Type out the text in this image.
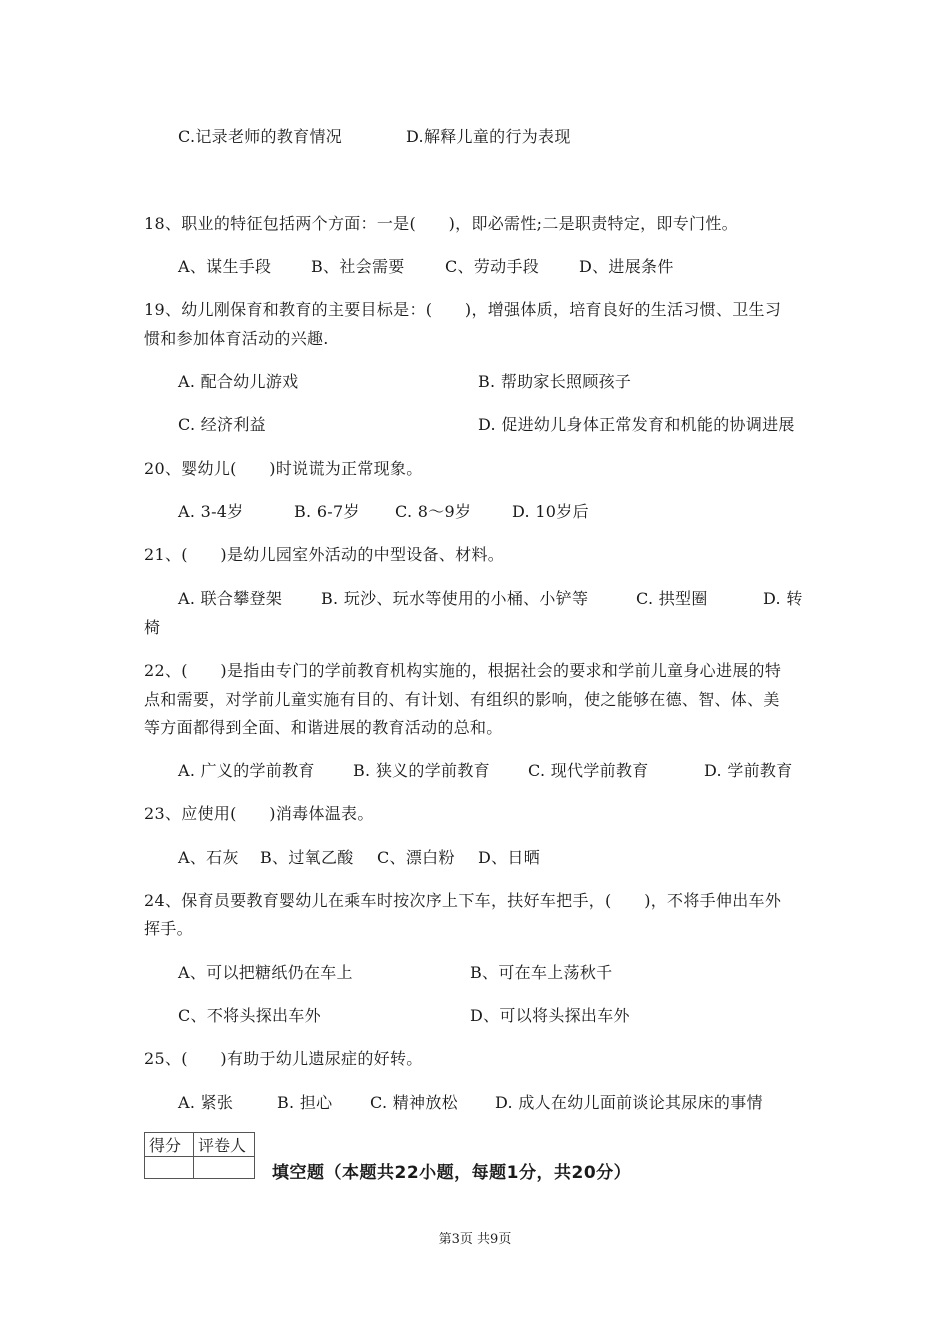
C.记录老师的教育情况	D.解释儿童的行为表现
18、职业的特征包括两个方面：一是(　　)，即必需性;二是职责特定，即专门性。
A、谋生手段 B、社会需要	C、劳动手段 D、进展条件
19、幼儿刚保育和教育的主要目标是：(　　)，增强体质，培育良好的生活习惯、卫生习
惯和参加体育活动的兴趣.
A. 配合幼儿游戏	B. 帮助家长照顾孩子
C. 经济利益	D. 促进幼儿身体正常发育和机能的协调进展
20、婴幼儿(　　)时说谎为正常现象。
A. 3-4岁	B. 6-7岁 C. 8～9岁	D. 10岁后
21、(　　)是幼儿园室外活动的中型设备、材料。
A. 联合攀登架 B. 玩沙、玩水等使用的小桶、小铲等	C. 拱型圈	D. 转
椅
22、(　　)是指由专门的学前教育机构实施的，根据社会的要求和学前儿童身心进展的特
点和需要，对学前儿童实施有目的、有计划、有组织的影响，使之能够在德、智、体、美
等方面都得到全面、和谐进展的教育活动的总和。
A. 广义的学前教育 B. 狭义的学前教育 C. 现代学前教育	D. 学前教育
23、应使用(　　)消毒体温表。
A、石灰 B、过氧乙酸 C、漂白粉 D、日晒
24、保育员要教育婴幼儿在乘车时按次序上下车，扶好车把手，(　　)，不将手伸出车外
挥手。
A、可以把糖纸仍在车上	B、可在车上荡秋千
C、不将头探出车外	D、可以将头探出车外
25、(　　)有助于幼儿遗尿症的好转。
A. 紧张	B. 担心 C. 精神放松 D. 成人在幼儿面前谈论其尿床的事情
得分	评卷人

填空题（本题共22小题，每题1分，共20分）
第3页 共9页
